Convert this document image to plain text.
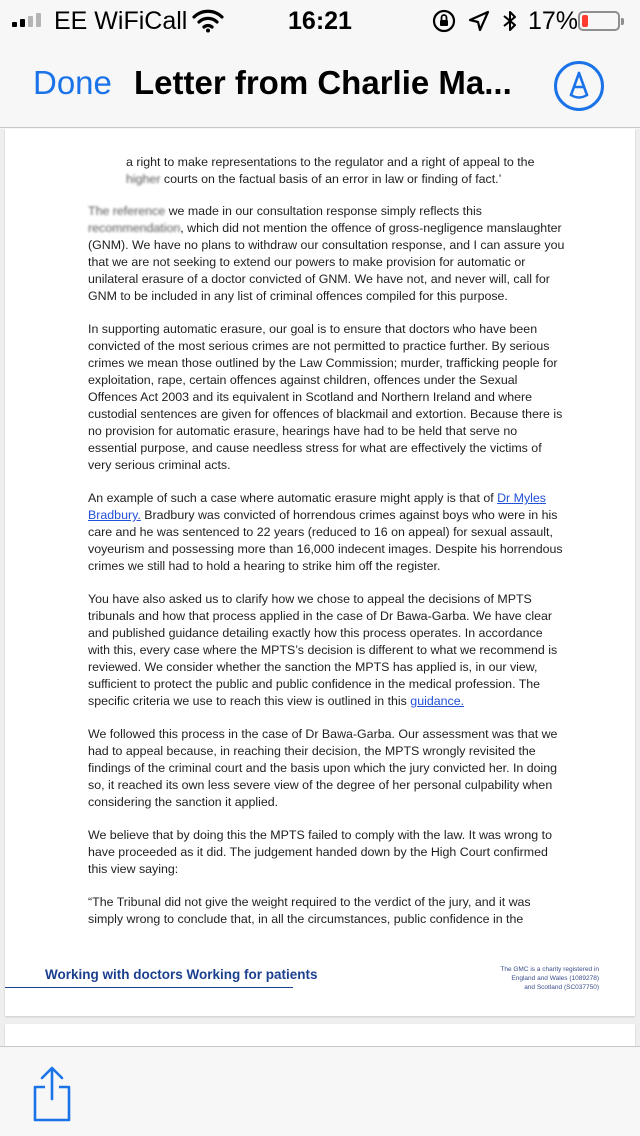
EE WiFiCall	16:21	17%
Done Letter from Charlie Ma...

a right to make representations to the regulator and a right of appeal to the higher courts on the factual basis of an error in law or finding of fact.’

The reference we made in our consultation response simply reflects this recommendation, which did not mention the offence of gross-negligence manslaughter (GNM). We have no plans to withdraw our consultation response, and I can assure you that we are not seeking to extend our powers to make provision for automatic or unilateral erasure of a doctor convicted of GNM. We have not, and never will, call for GNM to be included in any list of criminal offences compiled for this purpose.

In supporting automatic erasure, our goal is to ensure that doctors who have been convicted of the most serious crimes are not permitted to practice further. By serious crimes we mean those outlined by the Law Commission; murder, trafficking people for exploitation, rape, certain offences against children, offences under the Sexual Offences Act 2003 and its equivalent in Scotland and Northern Ireland and where custodial sentences are given for offences of blackmail and extortion. Because there is no provision for automatic erasure, hearings have had to be held that serve no essential purpose, and cause needless stress for what are effectively the victims of very serious criminal acts.

An example of such a case where automatic erasure might apply is that of Dr Myles Bradbury. Bradbury was convicted of horrendous crimes against boys who were in his care and he was sentenced to 22 years (reduced to 16 on appeal) for sexual assault, voyeurism and possessing more than 16,000 indecent images. Despite his horrendous crimes we still had to hold a hearing to strike him off the register.

You have also asked us to clarify how we chose to appeal the decisions of MPTS tribunals and how that process applied in the case of Dr Bawa-Garba. We have clear and published guidance detailing exactly how this process operates. In accordance with this, every case where the MPTS’s decision is different to what we recommend is reviewed. We consider whether the sanction the MPTS has applied is, in our view, sufficient to protect the public and public confidence in the medical profession. The specific criteria we use to reach this view is outlined in this guidance.

We followed this process in the case of Dr Bawa-Garba. Our assessment was that we had to appeal because, in reaching their decision, the MPTS wrongly revisited the findings of the criminal court and the basis upon which the jury convicted her. In doing so, it reached its own less severe view of the degree of her personal culpability when considering the sanction it applied.

We believe that by doing this the MPTS failed to comply with the law. It was wrong to have proceeded as it did. The judgement handed down by the High Court confirmed this view saying:

“The Tribunal did not give the weight required to the verdict of the jury, and it was simply wrong to conclude that, in all the circumstances, public confidence in the

Working with doctors Working for patients	The GMC is a charity registered in
England and Wales (1089278)
and Scotland (SC037750)
